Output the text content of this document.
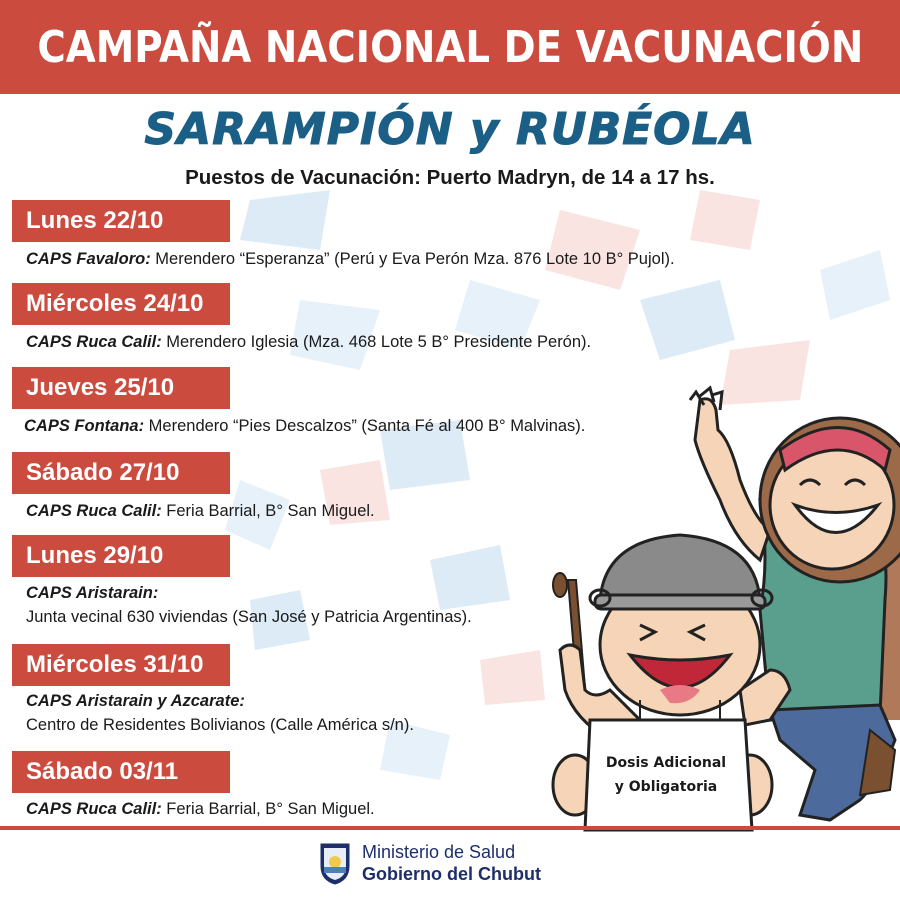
CAMPAÑA NACIONAL DE VACUNACIÓN
SARAMPIÓN y RUBÉOLA
Puestos de Vacunación: Puerto Madryn, de 14 a 17 hs.
Lunes 22/10
CAPS Favaloro: Merendero “Esperanza” (Perú y Eva Perón Mza. 876 Lote 10 B° Pujol).
Miércoles 24/10
CAPS Ruca Calil: Merendero Iglesia (Mza. 468 Lote 5 B° Presidente Perón).
Jueves 25/10
CAPS Fontana: Merendero “Pies Descalzos” (Santa Fé al 400 B° Malvinas).
Sábado 27/10
CAPS Ruca Calil: Feria Barrial, B° San Miguel.
Lunes 29/10
CAPS Aristarain:
Junta vecinal 630 viviendas (San José y Patricia Argentinas).
Miércoles 31/10
CAPS Aristarain y Azcarate:
Centro de Residentes Bolivianos (Calle América s/n).
Sábado 03/11
CAPS Ruca Calil: Feria Barrial, B° San Miguel.
Dosis Adicional
y Obligatoria
Ministerio de Salud
Gobierno del Chubut
